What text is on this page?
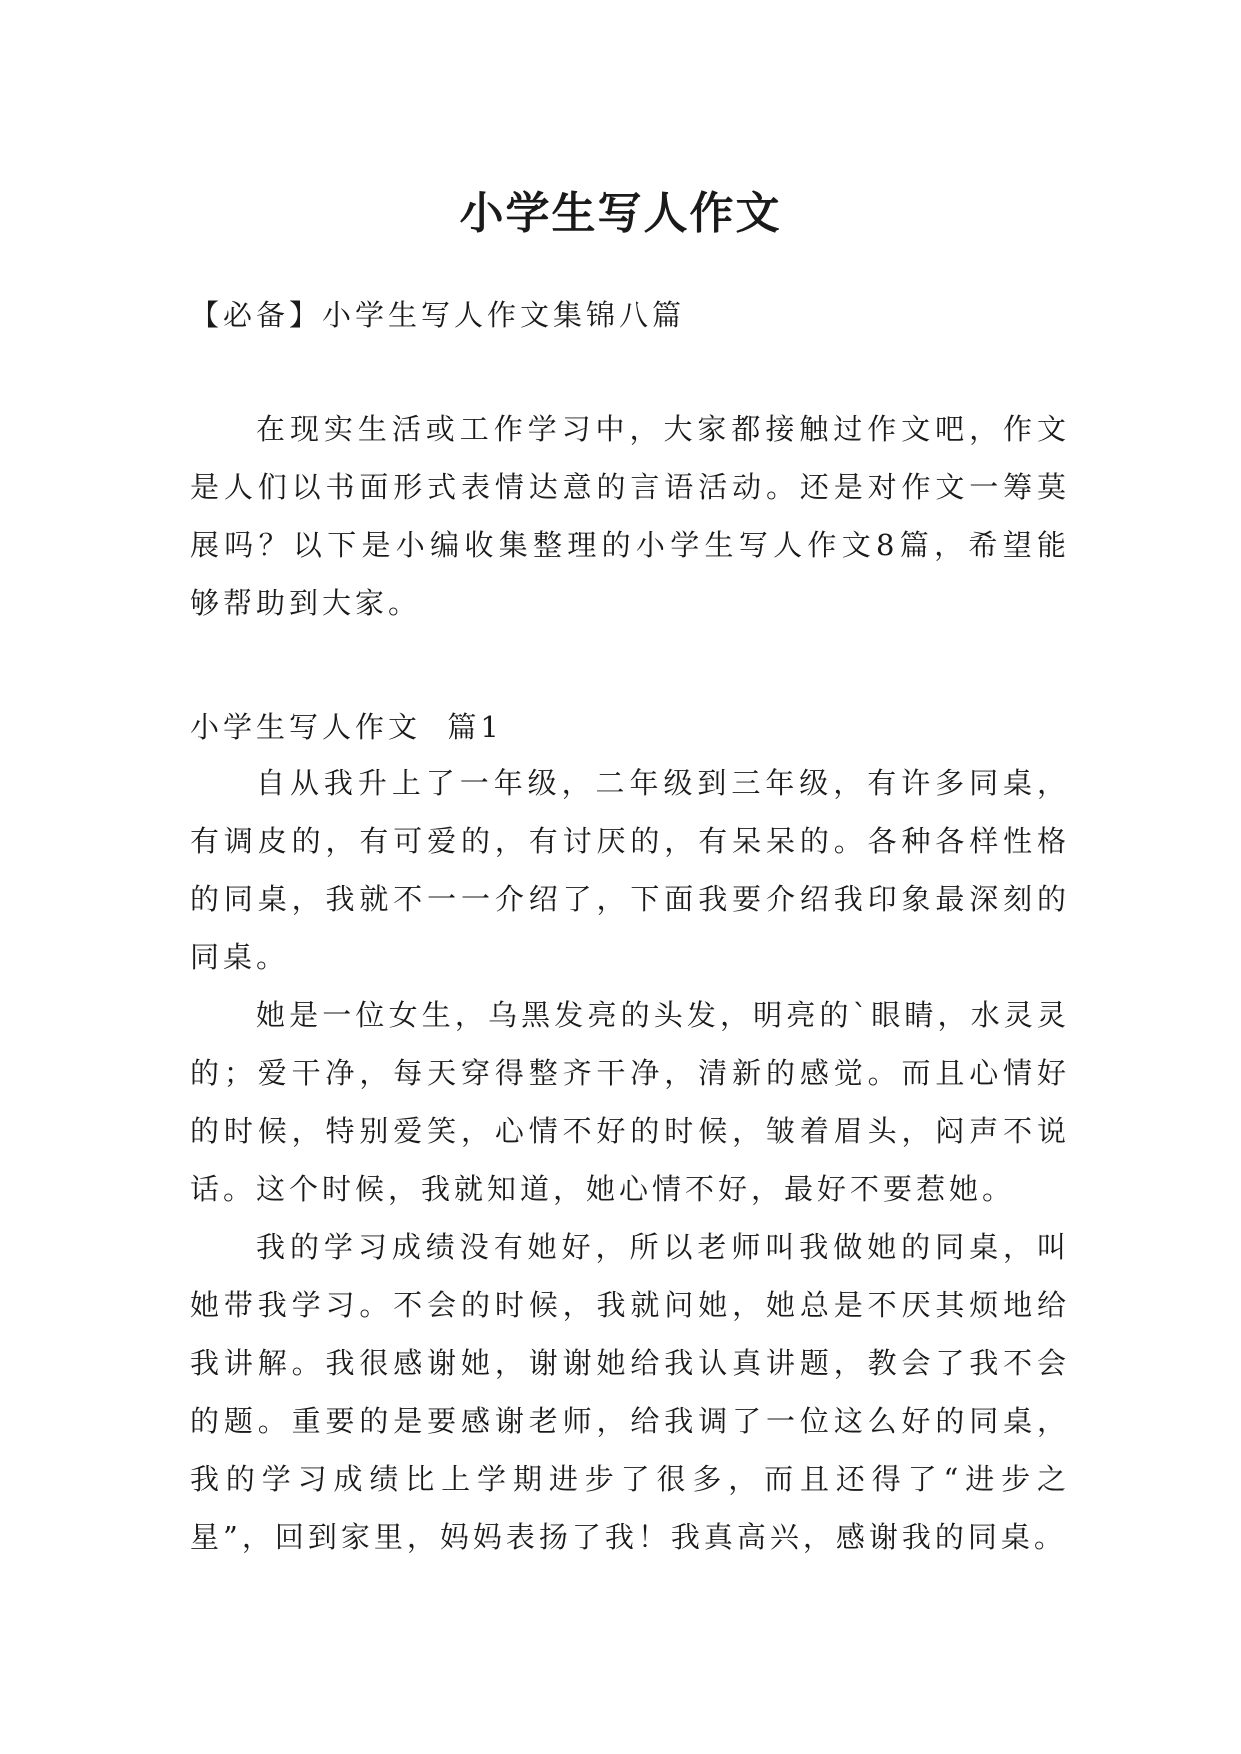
小学生写人作文

【必备】小学生写人作文集锦八篇

在现实生活或工作学习中，大家都接触过作文吧，作文是人们以书面形式表情达意的言语活动。还是对作文一筹莫展吗？以下是小编收集整理的小学生写人作文8篇，希望能够帮助到大家。

小学生写人作文  篇1

自从我升上了一年级，二年级到三年级，有许多同桌，有调皮的，有可爱的，有讨厌的，有呆呆的。各种各样性格的同桌，我就不一一介绍了，下面我要介绍我印象最深刻的同桌。

她是一位女生，乌黑发亮的头发，明亮的`眼睛，水灵灵的；爱干净，每天穿得整齐干净，清新的感觉。而且心情好的时候，特别爱笑，心情不好的时候，皱着眉头，闷声不说话。这个时候，我就知道，她心情不好，最好不要惹她。

我的学习成绩没有她好，所以老师叫我做她的同桌，叫她带我学习。不会的时候，我就问她，她总是不厌其烦地给我讲解。我很感谢她，谢谢她给我认真讲题，教会了我不会的题。重要的是要感谢老师，给我调了一位这么好的同桌，我的学习成绩比上学期进步了很多，而且还得了“进步之星”，回到家里，妈妈表扬了我！我真高兴，感谢我的同桌。
